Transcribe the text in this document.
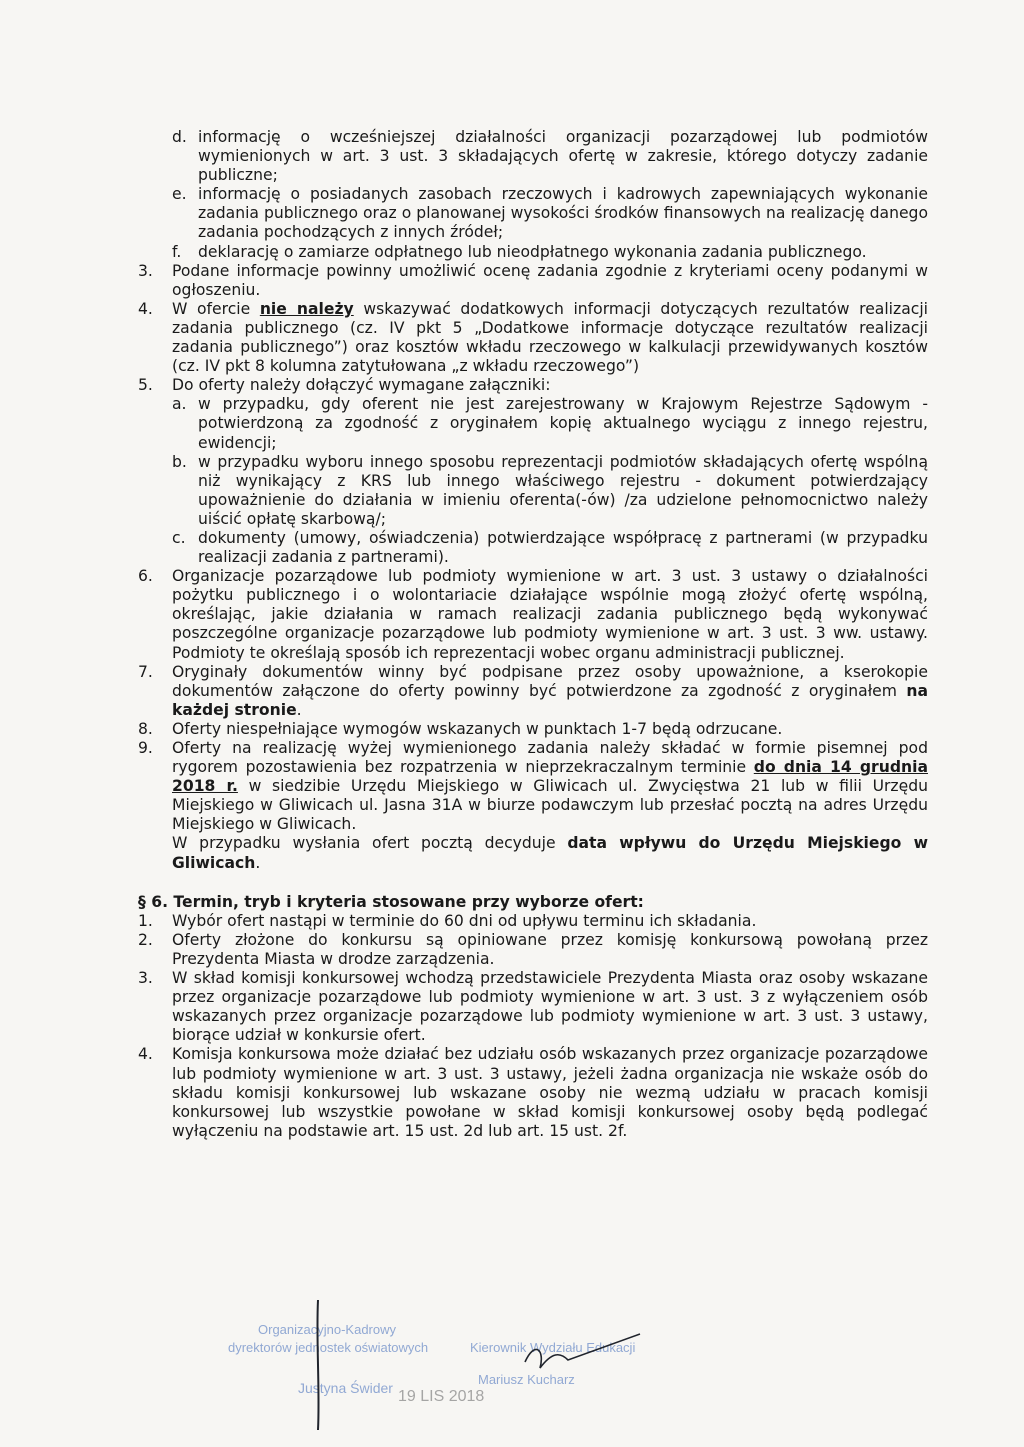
d. informację o wcześniejszej działalności organizacji pozarządowej lub podmiotów wymienionych w art. 3 ust. 3 składających ofertę w zakresie, którego dotyczy zadanie publiczne;
e. informację o posiadanych zasobach rzeczowych i kadrowych zapewniających wykonanie zadania publicznego oraz o planowanej wysokości środków finansowych na realizację danego zadania pochodzących z innych źródeł;
f.	deklarację o zamiarze odpłatnego lub nieodpłatnego wykonania zadania publicznego.
3.	Podane informacje powinny umożliwić ocenę zadania zgodnie z kryteriami oceny podanymi w ogłoszeniu.
4.	W ofercie nie należy wskazywać dodatkowych informacji dotyczących rezultatów realizacji zadania publicznego (cz. IV pkt 5 „Dodatkowe informacje dotyczące rezultatów realizacji zadania publicznego”) oraz kosztów wkładu rzeczowego w kalkulacji przewidywanych kosztów (cz. IV pkt 8 kolumna zatytułowana „z wkładu rzeczowego”)
5.	Do oferty należy dołączyć wymagane załączniki:
a. w przypadku, gdy oferent nie jest zarejestrowany w Krajowym Rejestrze Sądowym - potwierdzoną za zgodność z oryginałem kopię aktualnego wyciągu z innego rejestru, ewidencji;
b. w przypadku wyboru innego sposobu reprezentacji podmiotów składających ofertę wspólną niż wynikający z KRS lub innego właściwego rejestru - dokument potwierdzający upoważnienie do działania w imieniu oferenta(-ów) /za udzielone pełnomocnictwo należy uiścić opłatę skarbową/;
c. dokumenty (umowy, oświadczenia) potwierdzające współpracę z partnerami (w przypadku realizacji zadania z partnerami).
6.	Organizacje pozarządowe lub podmioty wymienione w art. 3 ust. 3 ustawy o działalności pożytku publicznego i o wolontariacie działające wspólnie mogą złożyć ofertę wspólną, określając, jakie działania w ramach realizacji zadania publicznego będą wykonywać poszczególne organizacje pozarządowe lub podmioty wymienione w art. 3 ust. 3 ww. ustawy. Podmioty te określają sposób ich reprezentacji wobec organu administracji publicznej.
7.	Oryginały dokumentów winny być podpisane przez osoby upoważnione, a kserokopie dokumentów załączone do oferty powinny być potwierdzone za zgodność z oryginałem na każdej stronie.
8.	Oferty niespełniające wymogów wskazanych w punktach 1-7 będą odrzucane.
9.	Oferty na realizację wyżej wymienionego zadania należy składać w formie pisemnej pod rygorem pozostawienia bez rozpatrzenia w nieprzekraczalnym terminie do dnia 14 grudnia 2018 r. w siedzibie Urzędu Miejskiego w Gliwicach ul. Zwycięstwa 21 lub w filii Urzędu Miejskiego w Gliwicach ul. Jasna 31A w biurze podawczym lub przesłać pocztą na adres Urzędu Miejskiego w Gliwicach.
W przypadku wysłania ofert pocztą decyduje data wpływu do Urzędu Miejskiego w Gliwicach.
§ 6. Termin, tryb i kryteria stosowane przy wyborze ofert:
1.	Wybór ofert nastąpi w terminie do 60 dni od upływu terminu ich składania.
2.	Oferty złożone do konkursu są opiniowane przez komisję konkursową powołaną przez Prezydenta Miasta w drodze zarządzenia.
3.	W skład komisji konkursowej wchodzą przedstawiciele Prezydenta Miasta oraz osoby wskazane przez organizacje pozarządowe lub podmioty wymienione w art. 3 ust. 3 z wyłączeniem osób wskazanych przez organizacje pozarządowe lub podmioty wymienione w art. 3 ust. 3 ustawy, biorące udział w konkursie ofert.
4.	Komisja konkursowa może działać bez udziału osób wskazanych przez organizacje pozarządowe lub podmioty wymienione w art. 3 ust. 3 ustawy, jeżeli żadna organizacja nie wskaże osób do składu komisji konkursowej lub wskazane osoby nie wezmą udziału w pracach komisji konkursowej lub wszystkie powołane w skład komisji konkursowej osoby będą podlegać wyłączeniu na podstawie art. 15 ust. 2d lub art. 15 ust. 2f.
Organizacyjno-Kadrowy
dyrektorów jednostek oświatowych	Kierownik Wydziału Edukacji
Justyna Świder
Mariusz Kucharz
19 LIS 2018
